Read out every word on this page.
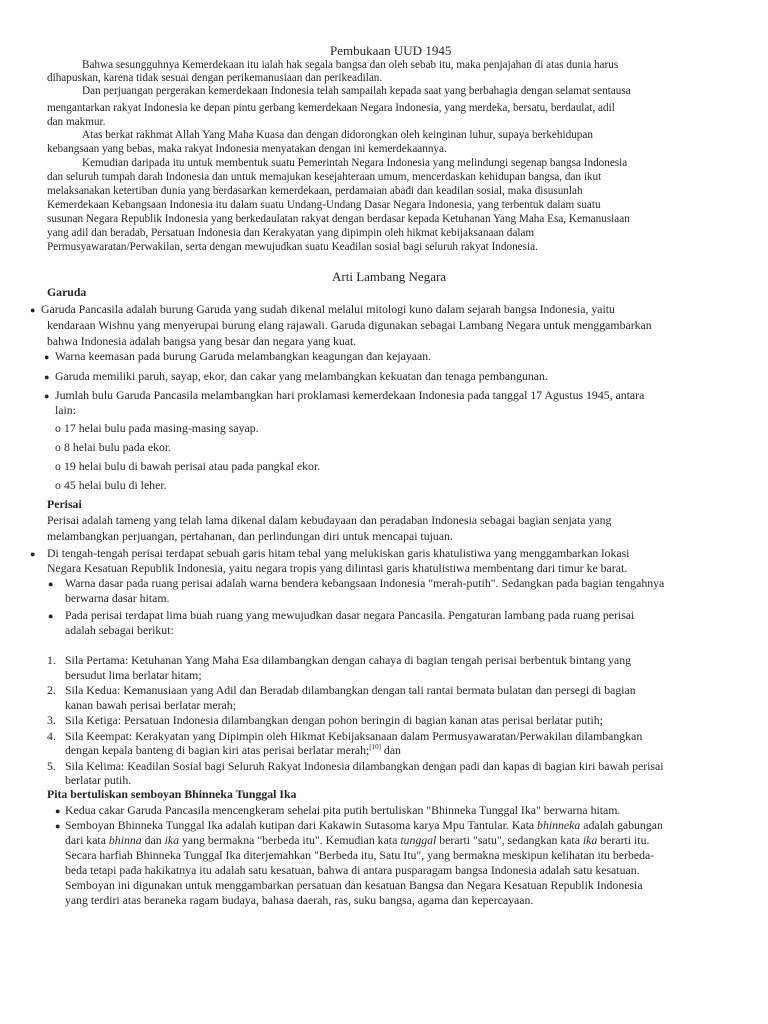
Pembukaan UUD 1945
Bahwa sesungguhnya Kemerdekaan itu ialah hak segala bangsa dan oleh sebab itu, maka penjajahan di atas dunia harus
dihapuskan, karena tidak sesuai dengan perikemanusiaan dan perikeadilan.
Dan perjuangan pergerakan kemerdekaan Indonesia telah sampailah kepada saat yang berbahagia dengan selamat sentausa
mengantarkan rakyat Indonesia ke depan pintu gerbang kemerdekaan Negara Indonesia, yang merdeka, bersatu, berdaulat, adil
dan makmur.
Atas berkat rakhmat Allah Yang Maha Kuasa dan dengan didorongkan oleh keinginan luhur, supaya berkehidupan
kebangsaan yang bebas, maka rakyat Indonesia menyatakan dengan ini kemerdekaannya.
Kemudian daripada itu untuk membentuk suatu Pemerintah Negara Indonesia yang melindungi segenap bangsa Indonesia
dan seluruh tumpah darah Indonesia dan untuk memajukan kesejahteraan umum, mencerdaskan kehidupan bangsa, dan ikut
melaksanakan ketertiban dunia yang berdasarkan kemerdekaan, perdamaian abadi dan keadilan sosial, maka disusunlah
Kemerdekaan Kebangsaan Indonesia itu dalam suatu Undang-Undang Dasar Negara Indonesia, yang terbentuk dalam suatu
susunan Negara Republik Indonesia yang berkedaulatan rakyat dengan berdasar kepada Ketuhanan Yang Maha Esa, Kemanusiaan
yang adil dan beradab, Persatuan Indonesia dan Kerakyatan yang dipimpin oleh hikmat kebijaksanaan dalam
Permusyawaratan/Perwakilan, serta dengan mewujudkan suatu Keadilan sosial bagi seluruh rakyat Indonesia.
Arti Lambang Negara
Garuda
● Garuda Pancasila adalah burung Garuda yang sudah dikenal melalui mitologi kuno dalam sejarah bangsa Indonesia, yaitu
kendaraan Wishnu yang menyerupai burung elang rajawali. Garuda digunakan sebagai Lambang Negara untuk menggambarkan
bahwa Indonesia adalah bangsa yang besar dan negara yang kuat.
● Warna keemasan pada burung Garuda melambangkan keagungan dan kejayaan.
● Garuda memiliki paruh, sayap, ekor, dan cakar yang melambangkan kekuatan dan tenaga pembangunan.
● Jumlah bulu Garuda Pancasila melambangkan hari proklamasi kemerdekaan Indonesia pada tanggal 17 Agustus 1945, antara
lain:
o 17 helai bulu pada masing-masing sayap.
o 8 helai bulu pada ekor.
o 19 helai bulu di bawah perisai atau pada pangkal ekor.
o 45 helai bulu di leher.
Perisai
Perisai adalah tameng yang telah lama dikenal dalam kebudayaan dan peradaban Indonesia sebagai bagian senjata yang
melambangkan perjuangan, pertahanan, dan perlindungan diri untuk mencapai tujuan.
● Di tengah-tengah perisai terdapat sebuah garis hitam tebal yang melukiskan garis khatulistiwa yang menggambarkan lokasi
Negara Kesatuan Republik Indonesia, yaitu negara tropis yang dilintasi garis khatulistiwa membentang dari timur ke barat.
● Warna dasar pada ruang perisai adalah warna bendera kebangsaan Indonesia "merah-putih". Sedangkan pada bagian tengahnya
berwarna dasar hitam.
● Pada perisai terdapat lima buah ruang yang mewujudkan dasar negara Pancasila. Pengaturan lambang pada ruang perisai
adalah sebagai berikut:
1. Sila Pertama: Ketuhanan Yang Maha Esa dilambangkan dengan cahaya di bagian tengah perisai berbentuk bintang yang
bersudut lima berlatar hitam;
2. Sila Kedua: Kemanusiaan yang Adil dan Beradab dilambangkan dengan tali rantai bermata bulatan dan persegi di bagian
kanan bawah perisai berlatar merah;
3. Sila Ketiga: Persatuan Indonesia dilambangkan dengan pohon beringin di bagian kanan atas perisai berlatar putih;
4. Sila Keempat: Kerakyatan yang Dipimpin oleh Hikmat Kebijaksanaan dalam Permusyawaratan/Perwakilan dilambangkan
dengan kepala banteng di bagian kiri atas perisai berlatar merah;[10] dan
5. Sila Kelima: Keadilan Sosial bagi Seluruh Rakyat Indonesia dilambangkan dengan padi dan kapas di bagian kiri bawah perisai
berlatar putih.
Pita bertuliskan semboyan Bhinneka Tunggal Ika
● Kedua cakar Garuda Pancasila mencengkeram sehelai pita putih bertuliskan "Bhinneka Tunggal Ika" berwarna hitam.
● Semboyan Bhinneka Tunggal Ika adalah kutipan dari Kakawin Sutasoma karya Mpu Tantular. Kata bhinneka adalah gabungan
dari kata bhinna dan ika yang bermakna "berbeda itu". Kemudian kata tunggal berarti "satu", sedangkan kata ika berarti itu.
Secara harfiah Bhinneka Tunggal Ika diterjemahkan "Berbeda itu, Satu Itu", yang bermakna meskipun kelihatan itu berbeda-
beda tetapi pada hakikatnya itu adalah satu kesatuan, bahwa di antara pusparagam bangsa Indonesia adalah satu kesatuan.
Semboyan ini digunakan untuk menggambarkan persatuan dan kesatuan Bangsa dan Negara Kesatuan Republik Indonesia
yang terdiri atas beraneka ragam budaya, bahasa daerah, ras, suku bangsa, agama dan kepercayaan.
